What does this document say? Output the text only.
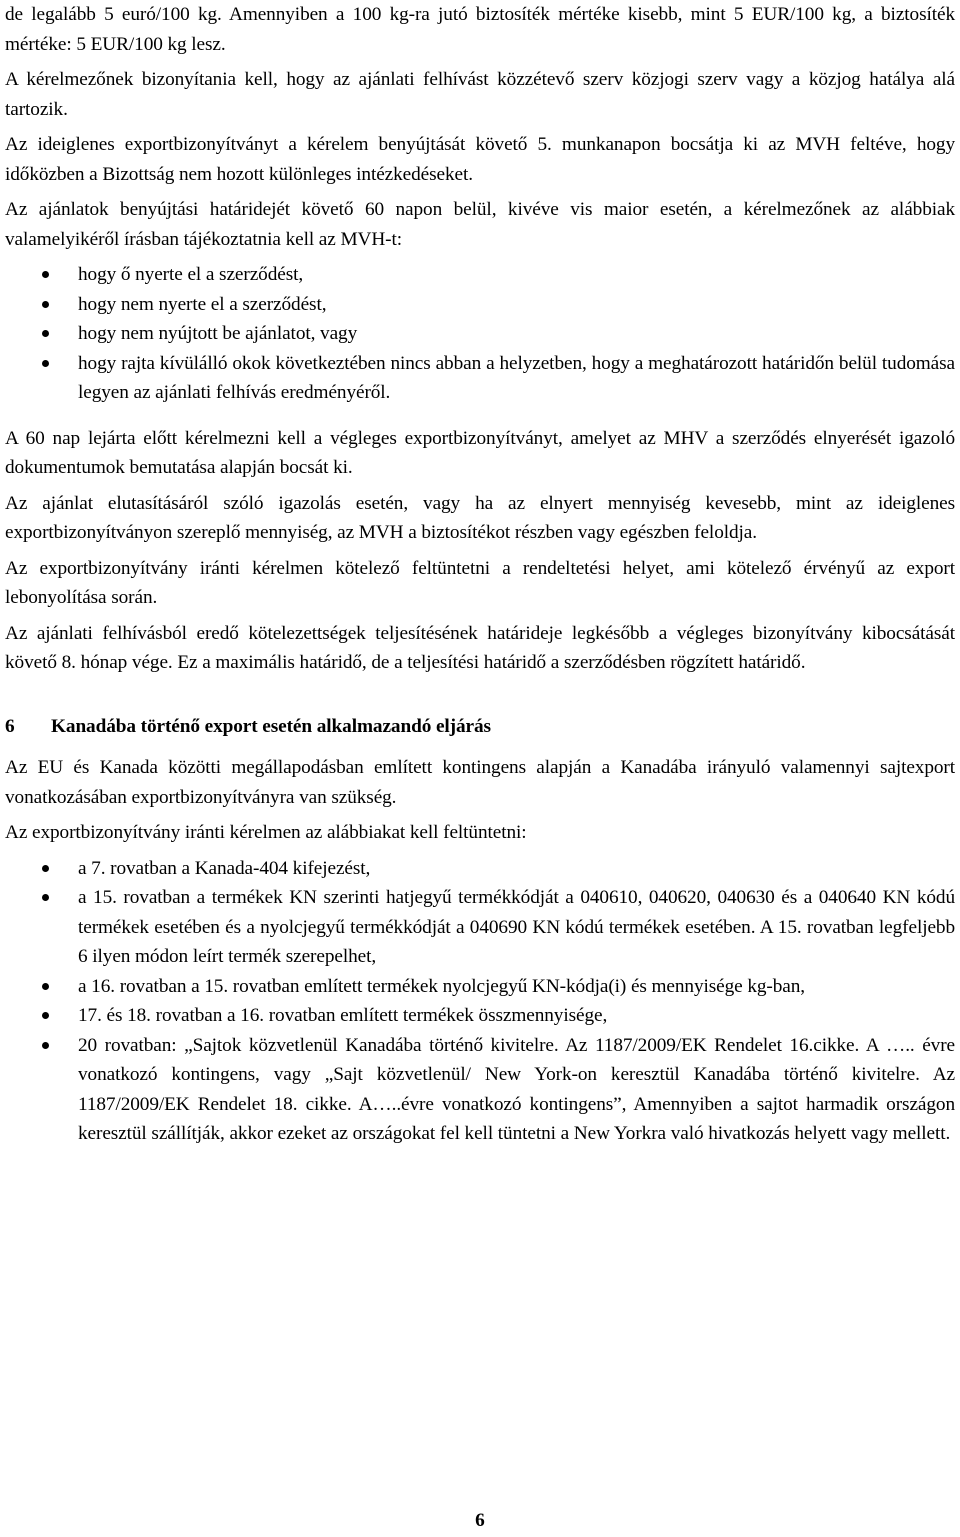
de legalább 5 euró/100 kg. Amennyiben a 100 kg-ra jutó biztosíték mértéke kisebb, mint 5 EUR/100 kg, a biztosíték mértéke: 5 EUR/100 kg lesz.

A kérelmezőnek bizonyítania kell, hogy az ajánlati felhívást közzétevő szerv közjogi szerv vagy a közjog hatálya alá tartozik.

Az ideiglenes exportbizonyítványt a kérelem benyújtását követő 5. munkanapon bocsátja ki az MVH feltéve, hogy időközben a Bizottság nem hozott különleges intézkedéseket.

Az ajánlatok benyújtási határidejét követő 60 napon belül, kivéve vis maior esetén, a kérelmezőnek az alábbiak valamelyikéről írásban tájékoztatnia kell az MVH-t:

hogy ő nyerte el a szerződést,
hogy nem nyerte el a szerződést,
hogy nem nyújtott be ajánlatot, vagy
hogy rajta kívülálló okok következtében nincs abban a helyzetben, hogy a meghatározott határidőn belül tudomása legyen az ajánlati felhívás eredményéről.

A 60 nap lejárta előtt kérelmezni kell a végleges exportbizonyítványt, amelyet az MHV a szerződés elnyerését igazoló dokumentumok bemutatása alapján bocsát ki.

Az ajánlat elutasításáról szóló igazolás esetén, vagy ha az elnyert mennyiség kevesebb, mint az ideiglenes exportbizonyítványon szereplő mennyiség, az MVH a biztosítékot részben vagy egészben feloldja.

Az exportbizonyítvány iránti kérelmen kötelező feltüntetni a rendeltetési helyet, ami kötelező érvényű az export lebonyolítása során.

Az ajánlati felhívásból eredő kötelezettségek teljesítésének határideje legkésőbb a végleges bizonyítvány kibocsátását követő 8. hónap vége. Ez a maximális határidő, de a teljesítési határidő a szerződésben rögzített határidő.

6	Kanadába történő export esetén alkalmazandó eljárás

Az EU és Kanada közötti megállapodásban említett kontingens alapján a Kanadába irányuló valamennyi sajtexport vonatkozásában exportbizonyítványra van szükség.

Az exportbizonyítvány iránti kérelmen az alábbiakat kell feltüntetni:

a 7. rovatban a Kanada-404 kifejezést,
a 15. rovatban a termékek KN szerinti hatjegyű termékkódját a 040610, 040620, 040630 és a 040640 KN kódú termékek esetében és a nyolcjegyű termékkódját a 040690 KN kódú termékek esetében. A 15. rovatban legfeljebb 6 ilyen módon leírt termék szerepelhet,
a 16. rovatban a 15. rovatban említett termékek nyolcjegyű KN-kódja(i) és mennyisége kg-ban,
17. és 18. rovatban a 16. rovatban említett termékek összmennyisége,
20 rovatban: „Sajtok közvetlenül Kanadába történő kivitelre. Az 1187/2009/EK Rendelet 16.cikke. A ….. évre vonatkozó kontingens, vagy „Sajt közvetlenül/ New York-on keresztül Kanadába történő kivitelre. Az 1187/2009/EK Rendelet 18. cikke. A…..évre vonatkozó kontingens”, Amennyiben a sajtot harmadik országon keresztül szállítják, akkor ezeket az országokat fel kell tüntetni a New Yorkra való hivatkozás helyett vagy mellett.
6
